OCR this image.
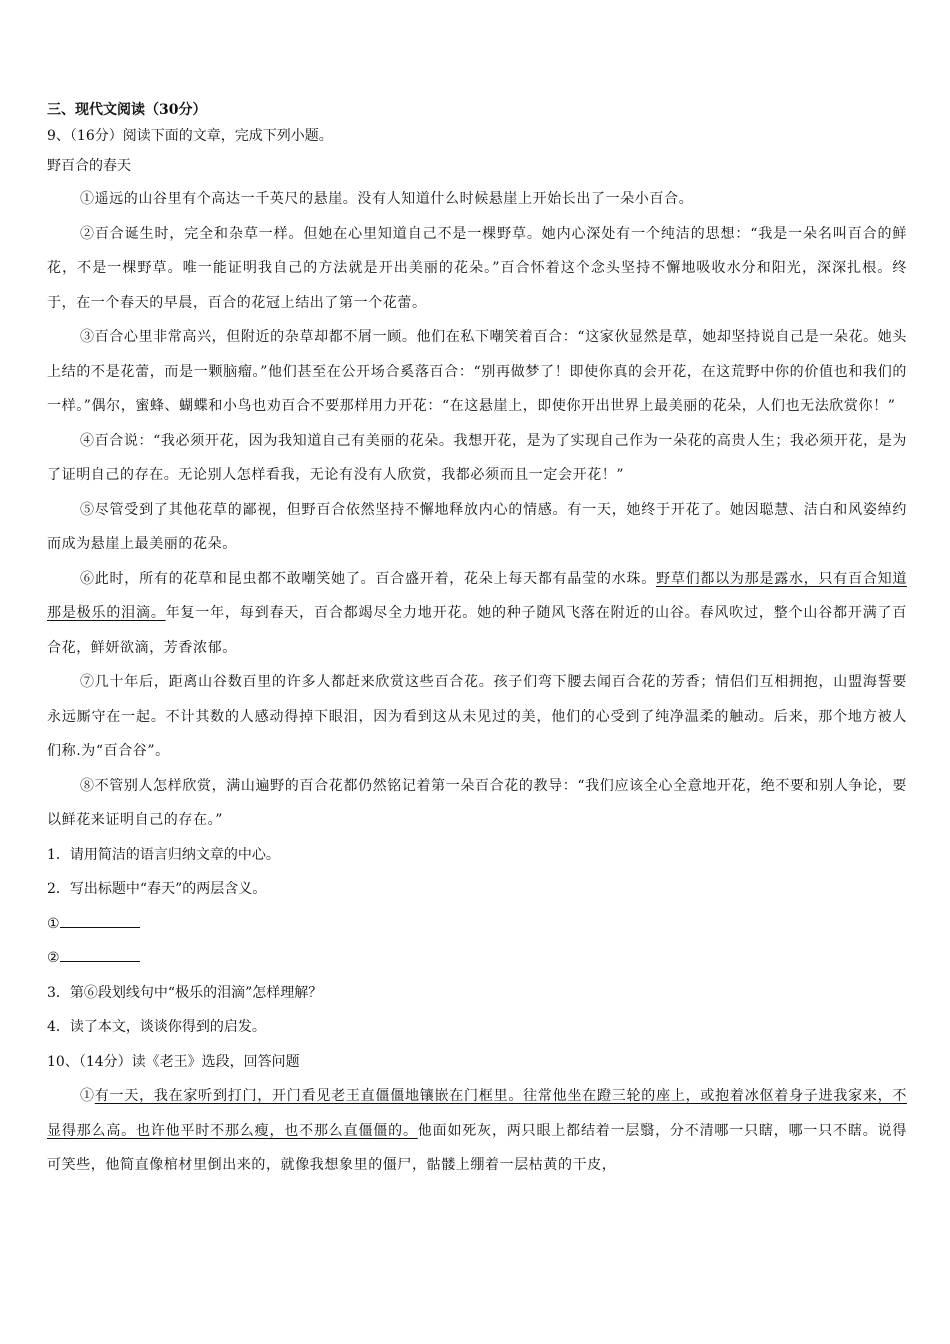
三、现代文阅读（30分）
9、（16分）阅读下面的文章，完成下列小题。
野百合的春天
①遥远的山谷里有个高达一千英尺的悬崖。没有人知道什么时候悬崖上开始长出了一朵小百合。
②百合诞生时，完全和杂草一样。但她在心里知道自己不是一棵野草。她内心深处有一个纯洁的思想：“我是一朵名叫百合的鲜花，不是一棵野草。唯一能证明我自己的方法就是开出美丽的花朵。”百合怀着这个念头坚持不懈地吸收水分和阳光，深深扎根。终于，在一个春天的早晨，百合的花冠上结出了第一个花蕾。
③百合心里非常高兴，但附近的杂草却都不屑一顾。他们在私下嘲笑着百合：“这家伙显然是草，她却坚持说自己是一朵花。她头上结的不是花蕾，而是一颗脑瘤。”他们甚至在公开场合奚落百合：“别再做梦了！即使你真的会开花，在这荒野中你的价值也和我们的一样。”偶尔，蜜蜂、蝴蝶和小鸟也劝百合不要那样用力开花：“在这悬崖上，即使你开出世界上最美丽的花朵，人们也无法欣赏你！”
④百合说：“我必须开花，因为我知道自己有美丽的花朵。我想开花，是为了实现自己作为一朵花的高贵人生；我必须开花，是为了证明自己的存在。无论别人怎样看我，无论有没有人欣赏，我都必须而且一定会开花！”
⑤尽管受到了其他花草的鄙视，但野百合依然坚持不懈地释放内心的情感。有一天，她终于开花了。她因聪慧、洁白和风姿绰约而成为悬崖上最美丽的花朵。
⑥此时，所有的花草和昆虫都不敢嘲笑她了。百合盛开着，花朵上每天都有晶莹的水珠。野草们都以为那是露水，只有百合知道那是极乐的泪滴。年复一年，每到春天，百合都竭尽全力地开花。她的种子随风飞落在附近的山谷。春风吹过，整个山谷都开满了百合花，鲜妍欲滴，芳香浓郁。
⑦几十年后，距离山谷数百里的许多人都赶来欣赏这些百合花。孩子们弯下腰去闻百合花的芳香；情侣们互相拥抱，山盟海誓要永远厮守在一起。不计其数的人感动得掉下眼泪，因为看到这从未见过的美，他们的心受到了纯净温柔的触动。后来，那个地方被人们称.为“百合谷”。
⑧不管别人怎样欣赏，满山遍野的百合花都仍然铭记着第一朵百合花的教导：“我们应该全心全意地开花，绝不要和别人争论，要以鲜花来证明自己的存在。”
1．请用简洁的语言归纳文章的中心。
2．写出标题中“春天”的两层含义。
①
②
3．第⑥段划线句中“极乐的泪滴”怎样理解？
4．读了本文，谈谈你得到的启发。
10、（14分）读《老王》选段，回答问题
①有一天，我在家听到打门，开门看见老王直僵僵地镶嵌在门框里。往常他坐在蹬三轮的座上，或抱着冰伛着身子进我家来，不显得那么高。也许他平时不那么瘦，也不那么直僵僵的。他面如死灰，两只眼上都结着一层翳，分不清哪一只瞎，哪一只不瞎。说得可笑些，他简直像棺材里倒出来的，就像我想象里的僵尸，骷髅上绷着一层枯黄的干皮，
